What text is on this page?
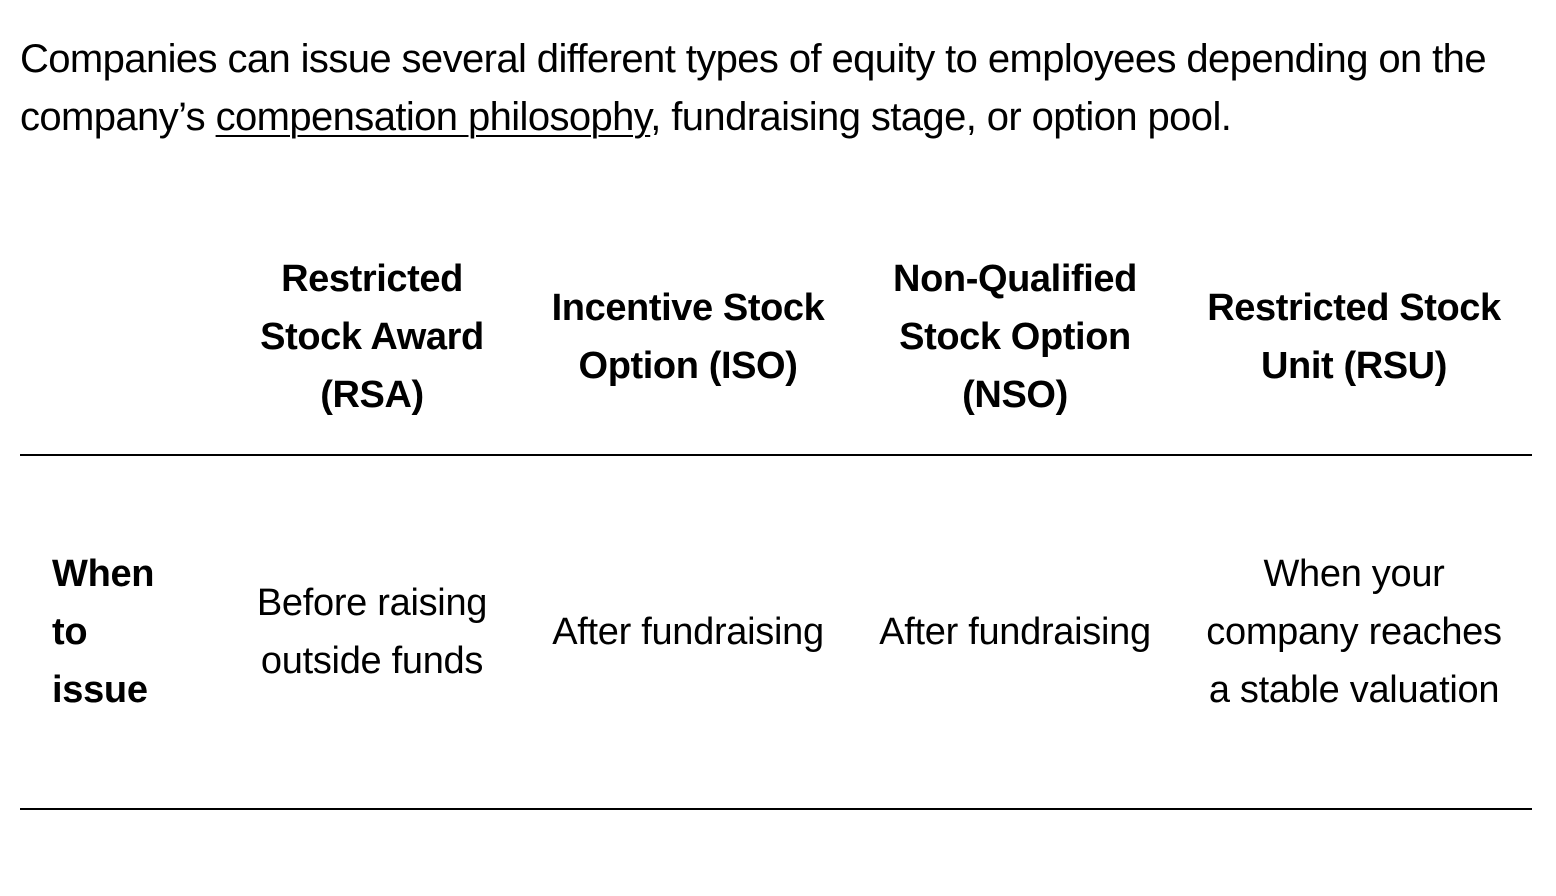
Companies can issue several different types of equity to employees depending on the company’s compensation philosophy, fundraising stage, or option pool.

	Restricted Stock Award (RSA)	Incentive Stock Option (ISO)	Non-Qualified Stock Option (NSO)	Restricted Stock Unit (RSU)
When to issue	Before raising outside funds	After fundraising	After fundraising	When your company reaches a stable valuation
